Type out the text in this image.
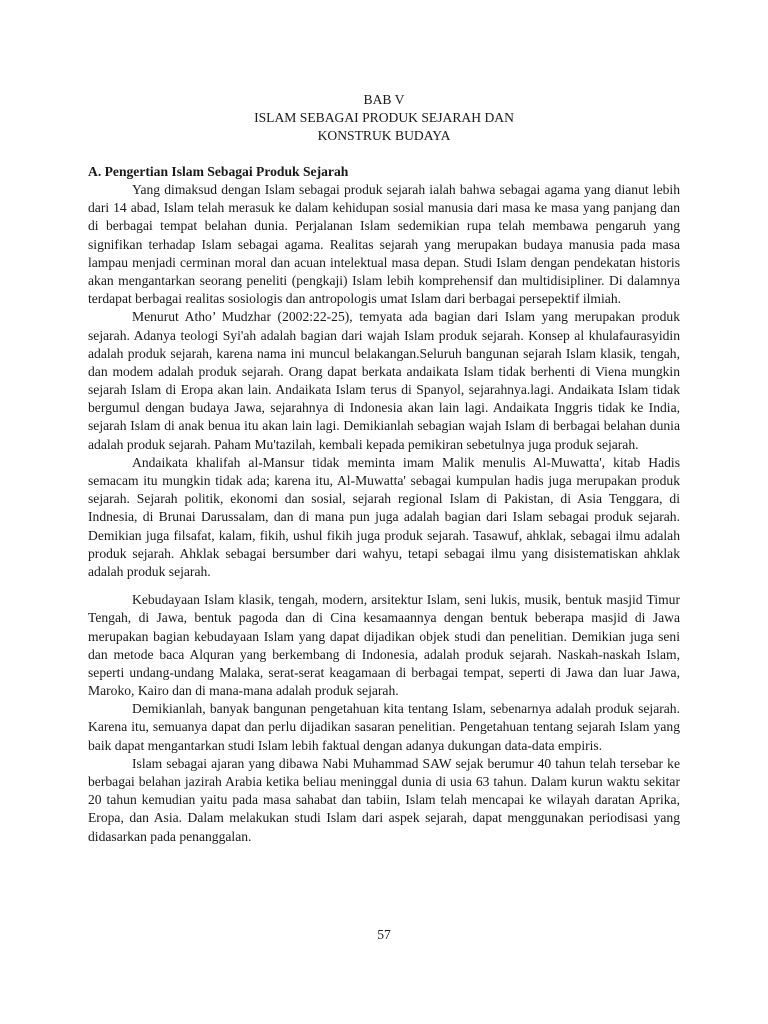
BAB V
ISLAM SEBAGAI PRODUK SEJARAH DAN
KONSTRUK BUDAYA
A. Pengertian Islam Sebagai Produk Sejarah

Yang dimaksud dengan Islam sebagai produk sejarah ialah bahwa sebagai agama yang dianut lebih dari 14 abad, Islam telah merasuk ke dalam kehidupan sosial manusia dari masa ke masa yang panjang dan di berbagai tempat belahan dunia. Perjalanan Islam sedemikian rupa telah membawa pengaruh yang signifikan terhadap Islam sebagai agama. Realitas sejarah yang merupakan budaya manusia pada masa lampau menjadi cerminan moral dan acuan intelektual masa depan. Studi Islam dengan pendekatan historis akan mengantarkan seorang peneliti (pengkaji) Islam lebih komprehensif dan multidisipliner. Di dalamnya terdapat berbagai realitas sosiologis dan antropologis umat Islam dari berbagai persepektif ilmiah.

Menurut Atho’ Mudzhar (2002:22-25), temyata ada bagian dari Islam yang merupakan produk sejarah. Adanya teologi Syi'ah adalah bagian dari wajah Islam produk sejarah. Konsep al khulafaurasyidin adalah produk sejarah, karena nama ini muncul belakangan.Seluruh bangunan sejarah Islam klasik, tengah, dan modem adalah produk sejarah. Orang dapat berkata andaikata Islam tidak berhenti di Viena mungkin sejarah Islam di Eropa akan lain. Andaikata Islam terus di Spanyol, sejarahnya.lagi. Andaikata Islam tidak bergumul dengan budaya Jawa, sejarahnya di Indonesia akan lain lagi. Andaikata Inggris tidak ke India, sejarah Islam di anak benua itu akan lain lagi. Demikianlah sebagian wajah Islam di berbagai belahan dunia adalah produk sejarah. Paham Mu'tazilah, kembali kepada pemikiran sebetulnya juga produk sejarah.

Andaikata khalifah al-Mansur tidak meminta imam Malik menulis Al-Muwatta', kitab Hadis semacam itu mungkin tidak ada; karena itu, Al-Muwatta' sebagai kumpulan hadis juga merupakan produk sejarah. Sejarah politik, ekonomi dan sosial, sejarah regional Islam di Pakistan, di Asia Tenggara, di Indnesia, di Brunai Darussalam, dan di mana pun juga adalah bagian dari Islam sebagai produk sejarah. Demikian juga filsafat, kalam, fikih, ushul fikih juga produk sejarah. Tasawuf, ahklak, sebagai ilmu adalah produk sejarah. Ahklak sebagai bersumber dari wahyu, tetapi sebagai ilmu yang disistematiskan ahklak adalah produk sejarah.

Kebudayaan Islam klasik, tengah, modern, arsitektur Islam, seni lukis, musik, bentuk masjid Timur Tengah, di Jawa, bentuk pagoda dan di Cina kesamaannya dengan bentuk beberapa masjid di Jawa merupakan bagian kebudayaan Islam yang dapat dijadikan objek studi dan penelitian. Demikian juga seni dan metode baca Alquran yang berkembang di Indonesia, adalah produk sejarah. Naskah-naskah Islam, seperti undang-undang Malaka, serat-serat keagamaan di berbagai tempat, seperti di Jawa dan luar Jawa, Maroko, Kairo dan di mana-mana adalah produk sejarah.

Demikianlah, banyak bangunan pengetahuan kita tentang Islam, sebenarnya adalah produk sejarah. Karena itu, semuanya dapat dan perlu dijadikan sasaran penelitian. Pengetahuan tentang sejarah Islam yang baik dapat mengantarkan studi Islam lebih faktual dengan adanya dukungan data-data empiris.

Islam sebagai ajaran yang dibawa Nabi Muhammad SAW sejak berumur 40 tahun telah tersebar ke berbagai belahan jazirah Arabia ketika beliau meninggal dunia di usia 63 tahun. Dalam kurun waktu sekitar 20 tahun kemudian yaitu pada masa sahabat dan tabiin, Islam telah mencapai ke wilayah daratan Aprika, Eropa, dan Asia. Dalam melakukan studi Islam dari aspek sejarah, dapat menggunakan periodisasi yang didasarkan pada penanggalan.

57
